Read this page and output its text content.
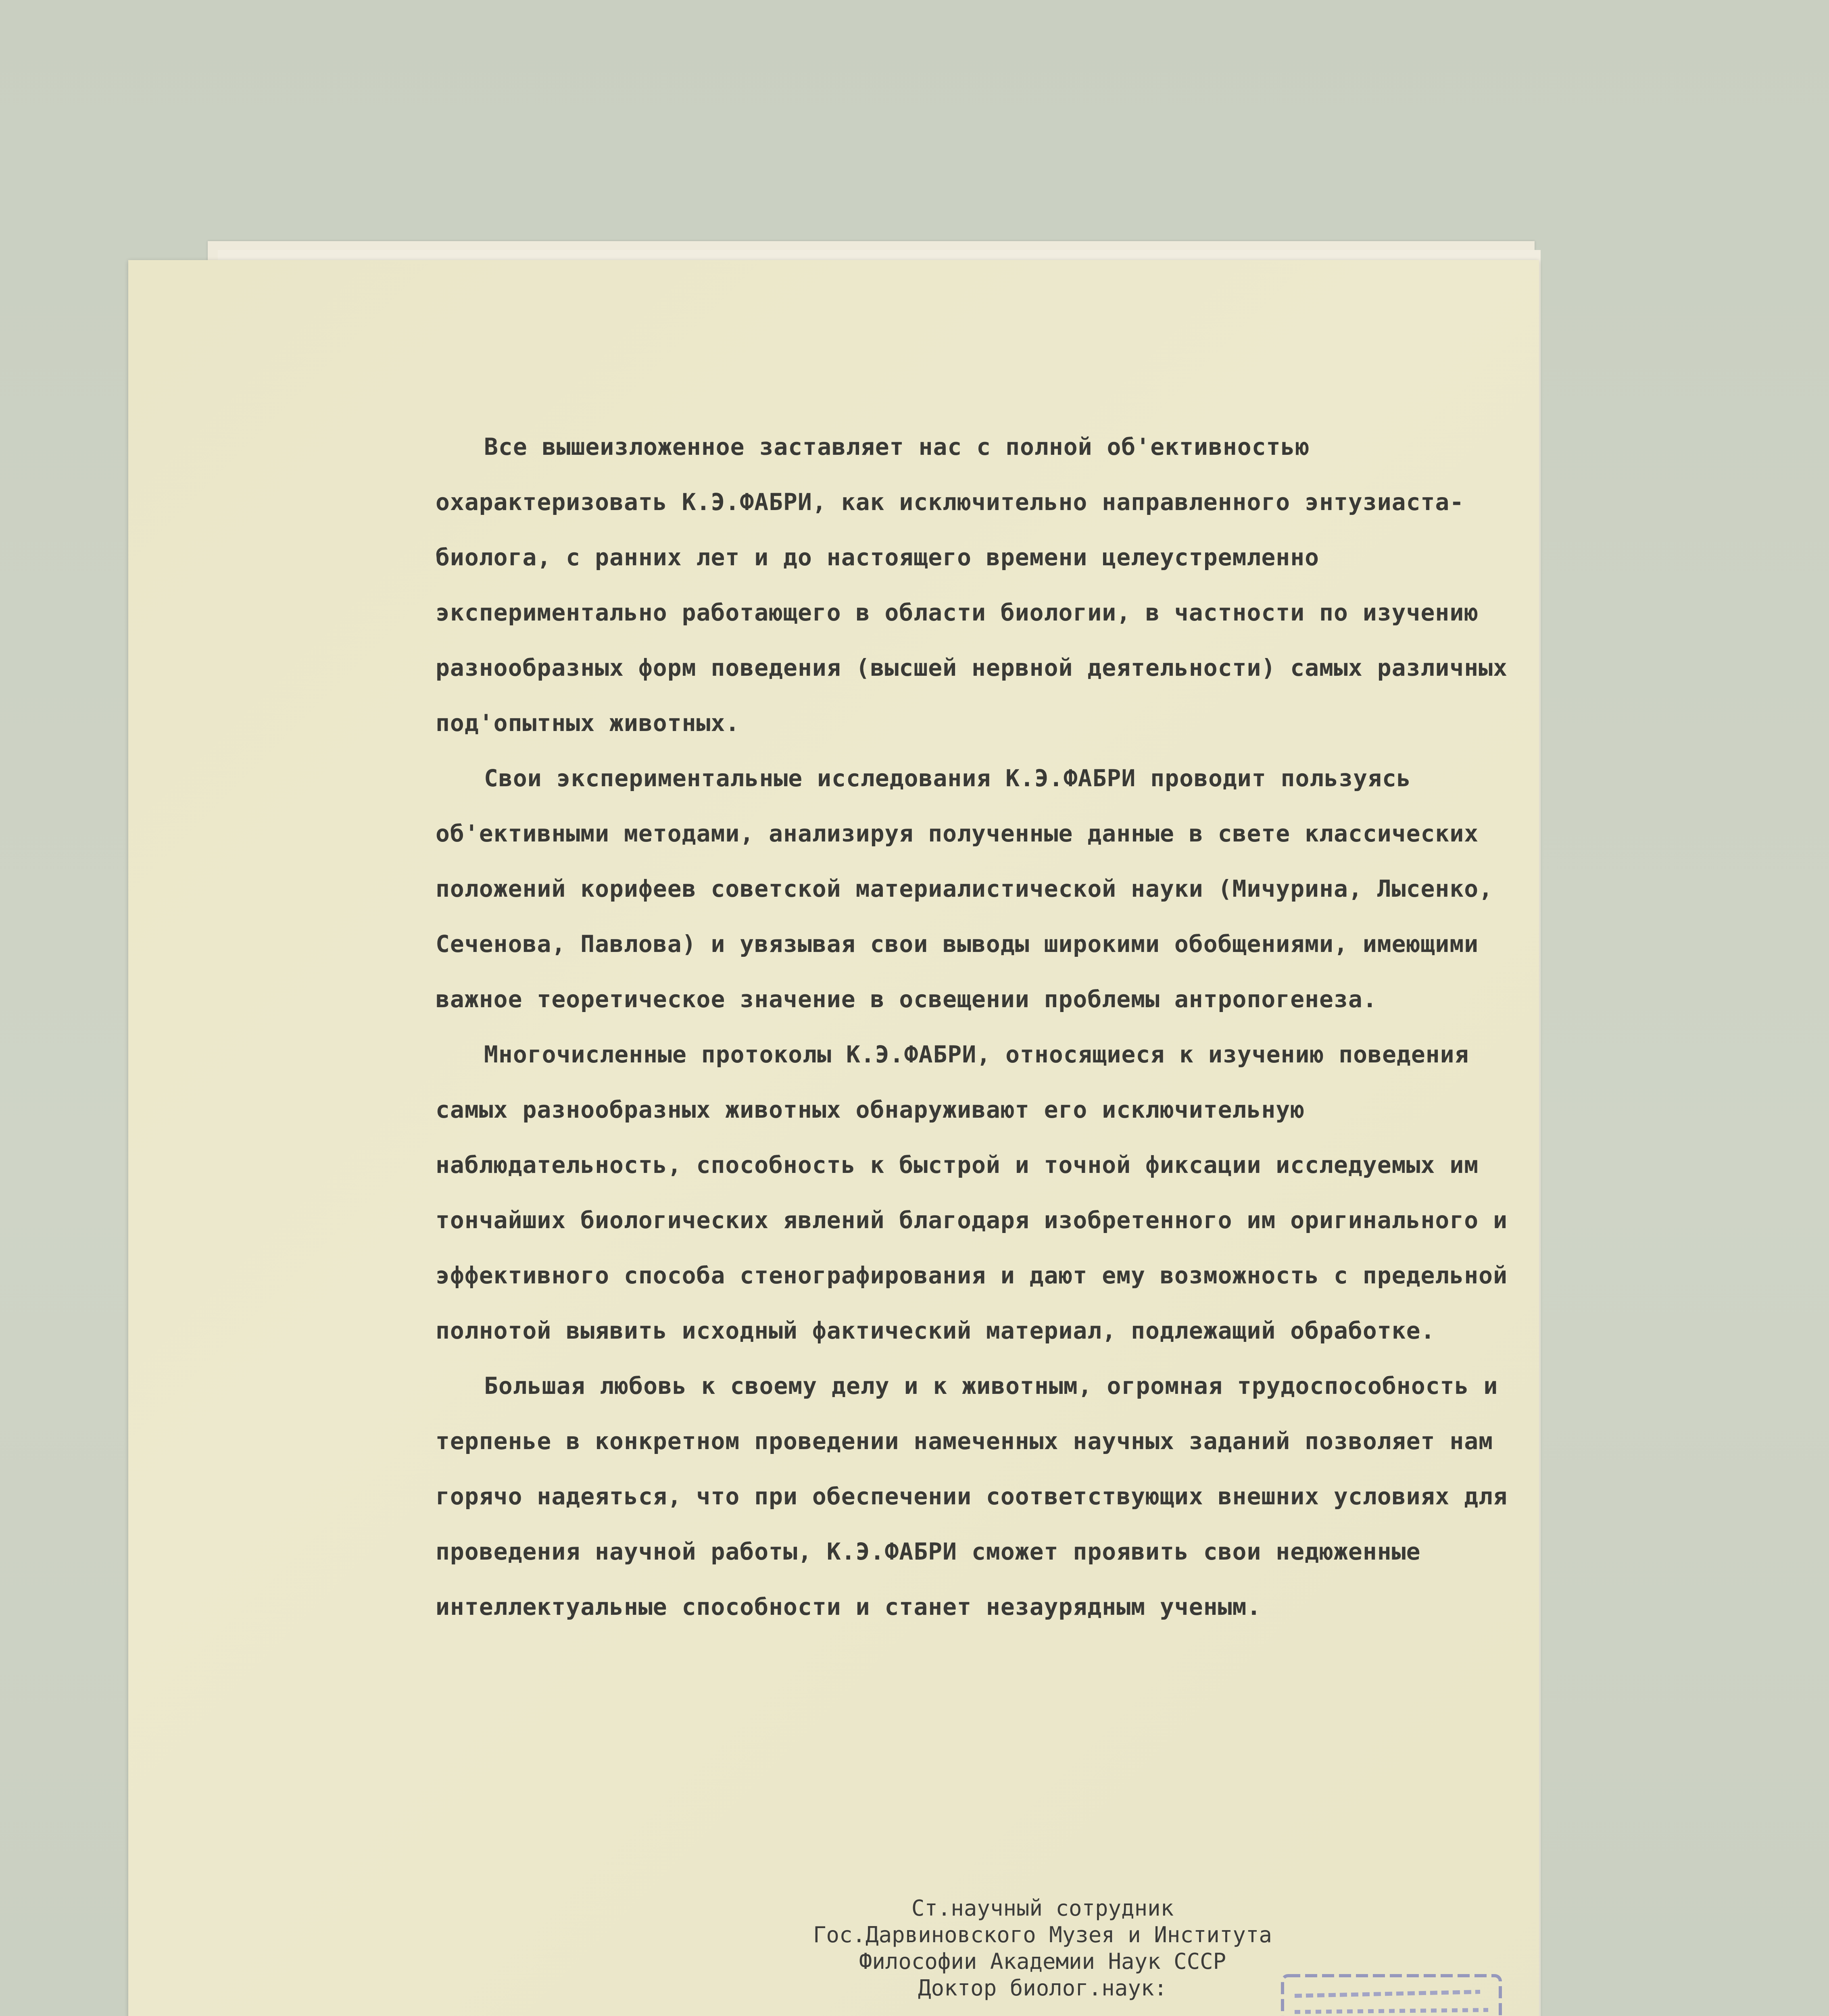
Все вышеизложенное заставляет нас с полной об'ективностью охарактеризовать К.Э.ФАБРИ, как исключительно направленного энтузиаста-биолога, с ранних лет и до настоящего времени целеустремленно экспериментально работающего в области биологии, в частности по изучению разнообразных форм поведения (высшей нервной деятельности) самых различных под'опытных животных.

Свои экспериментальные исследования К.Э.ФАБРИ проводит пользуясь об'ективными методами, анализируя полученные данные в свете классических положений корифеев советской материалистической науки (Мичурина, Лысенко, Сеченова, Павлова) и увязывая свои выводы широкими обобщениями, имеющими важное теоретическое значение в освещении проблемы антропогенеза.

Многочисленные протоколы К.Э.ФАБРИ, относящиеся к изучению поведения самых разнообразных животных обнаруживают его исключительную наблюдательность, способность к быстрой и точной фиксации исследуемых им тончайших биологических явлений благодаря изобретенного им оригинального и эффективного способа стенографирования и дают ему возможность с предельной полнотой выявить исходный фактический материал, подлежащий обработке.

Большая любовь к своему делу и к животным, огромная трудоспособность и терпенье в конкретном проведении намеченных научных заданий позволяет нам горячо надеяться, что при обеспечении соответствующих внешних условиях для проведения научной работы, К.Э.ФАБРИ сможет проявить свои недюженные интеллектуальные способности и станет незаурядным ученым.

Ст.научный сотрудник
Гос.Дарвиновского Музея и Института
Философии Академии Наук СССР
Доктор биолог.наук:
